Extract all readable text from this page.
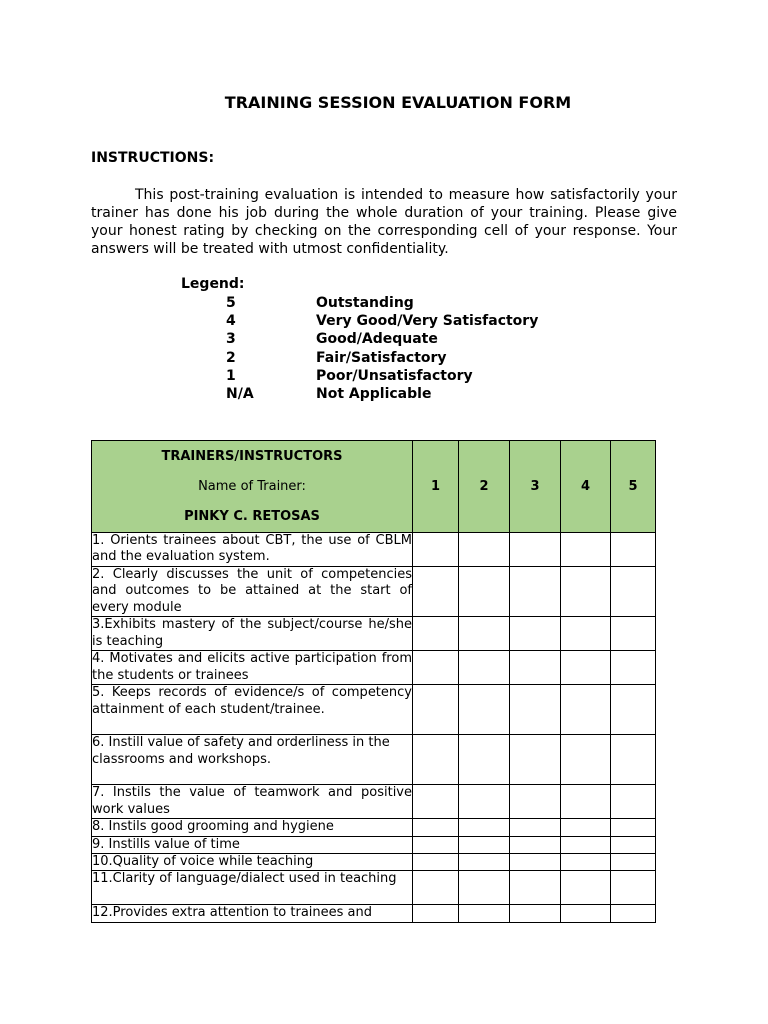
TRAINING SESSION EVALUATION FORM
INSTRUCTIONS:
This post-training evaluation is intended to measure how satisfactorily your trainer has done his job during the whole duration of your training. Please give your honest rating by checking on the corresponding cell of your response. Your answers will be treated with utmost confidentiality.
Legend:
5	Outstanding
4	Very Good/Very Satisfactory
3	Good/Adequate
2	Fair/Satisfactory
1	Poor/Unsatisfactory
N/A	Not Applicable
TRAINERS/INSTRUCTORS
Name of Trainer:
PINKY C. RETOSAS	1	2	3	4	5
1. Orients trainees about CBT, the use of CBLM and the evaluation system.					
2. Clearly discusses the unit of competencies and outcomes to be attained at the start of every module					
3.Exhibits mastery of the subject/course he/she is teaching					
4. Motivates and elicits active participation from the students or trainees					
5. Keeps records of evidence/s of competency attainment of each student/trainee.					
6. Instill value of safety and orderliness in the
classrooms and workshops.					
7. Instils the value of teamwork and positive work values					
8. Instils good grooming and hygiene					
9. Instills value of time					
10.Quality of voice while teaching					
11.Clarity of language/dialect used in teaching					
12.Provides extra attention to trainees and					
